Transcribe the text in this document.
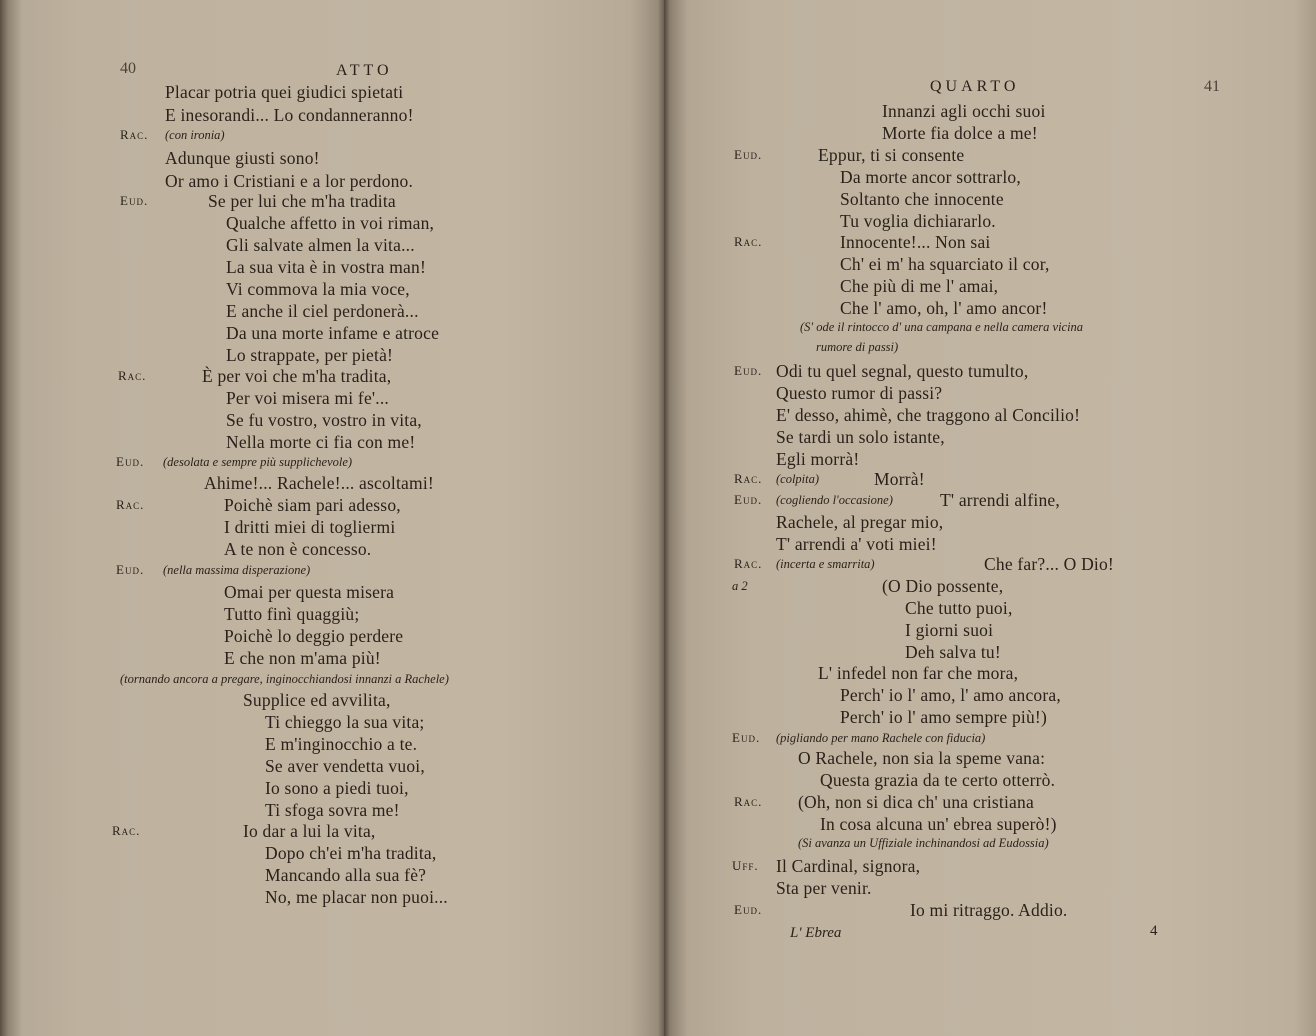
40	ATTO
Placar potria quei giudici spietati
E inesorandi... Lo condanneranno!
Rac. (con ironia)
Adunque giusti sono!
Or amo i Cristiani e a lor perdono.
Eud.	Se per lui che m'ha tradita
Qualche affetto in voi riman,
Gli salvate almen la vita...
La sua vita è in vostra man!
Vi commova la mia voce,
E anche il ciel perdonerà...
Da una morte infame e atroce
Lo strappate, per pietà!
Rac.	È per voi che m'ha tradita,
Per voi misera mi fe'...
Se fu vostro, vostro in vita,
Nella morte ci fia con me!
Eud. (desolata e sempre più supplichevole)
Ahime!... Rachele!... ascoltami!
Rac.	Poichè siam pari adesso,
I dritti miei di togliermi
A te non è concesso.
Eud. (nella massima disperazione)
Omai per questa misera
Tutto finì quaggiù;
Poichè lo deggio perdere
E che non m'ama più!
(tornando ancora a pregare, inginocchiandosi innanzi a Rachele)
Supplice ed avvilita,
Ti chieggo la sua vita;
E m'inginocchio a te.
Se aver vendetta vuoi,
Io sono a piedi tuoi,
Ti sfoga sovra me!
Rac.	Io dar a lui la vita,
Dopo ch'ei m'ha tradita,
Mancando alla sua fè?
No, me placar non puoi...
QUARTO	41
Innanzi agli occhi suoi
Morte fia dolce a me!
Eud.	Eppur, ti si consente
Da morte ancor sottrarlo,
Soltanto che innocente
Tu voglia dichiararlo.
Rac.	Innocente!... Non sai
Ch' ei m' ha squarciato il cor,
Che più di me l' amai,
Che l' amo, oh, l' amo ancor!
(S' ode il rintocco d' una campana e nella camera vicina
rumore di passi)
Eud. Odi tu quel segnal, questo tumulto,
Questo rumor di passi?
E' desso, ahimè, che traggono al Concilio!
Se tardi un solo istante,
Egli morrà!
Rac. (colpita)	Morrà!
Eud. (cogliendo l'occasione)	T' arrendi alfine,
Rachele, al pregar mio,
T' arrendi a' voti miei!
Rac. (incerta e smarrita)	Che far?... O Dio!
a 2	(O Dio possente,
Che tutto puoi,
I giorni suoi
Deh salva tu!
L' infedel non far che mora,
Perch' io l' amo, l' amo ancora,
Perch' io l' amo sempre più!)
Eud. (pigliando per mano Rachele con fiducia)
O Rachele, non sia la speme vana:
Questa grazia da te certo otterrò.
Rac. (Oh, non si dica ch' una cristiana
In cosa alcuna un' ebrea superò!)
(Si avanza un Uffiziale inchinandosi ad Eudossia)
Uff. Il Cardinal, signora,
Sta per venir.
Eud.	Io mi ritraggo. Addio.
L' Ebrea	4
